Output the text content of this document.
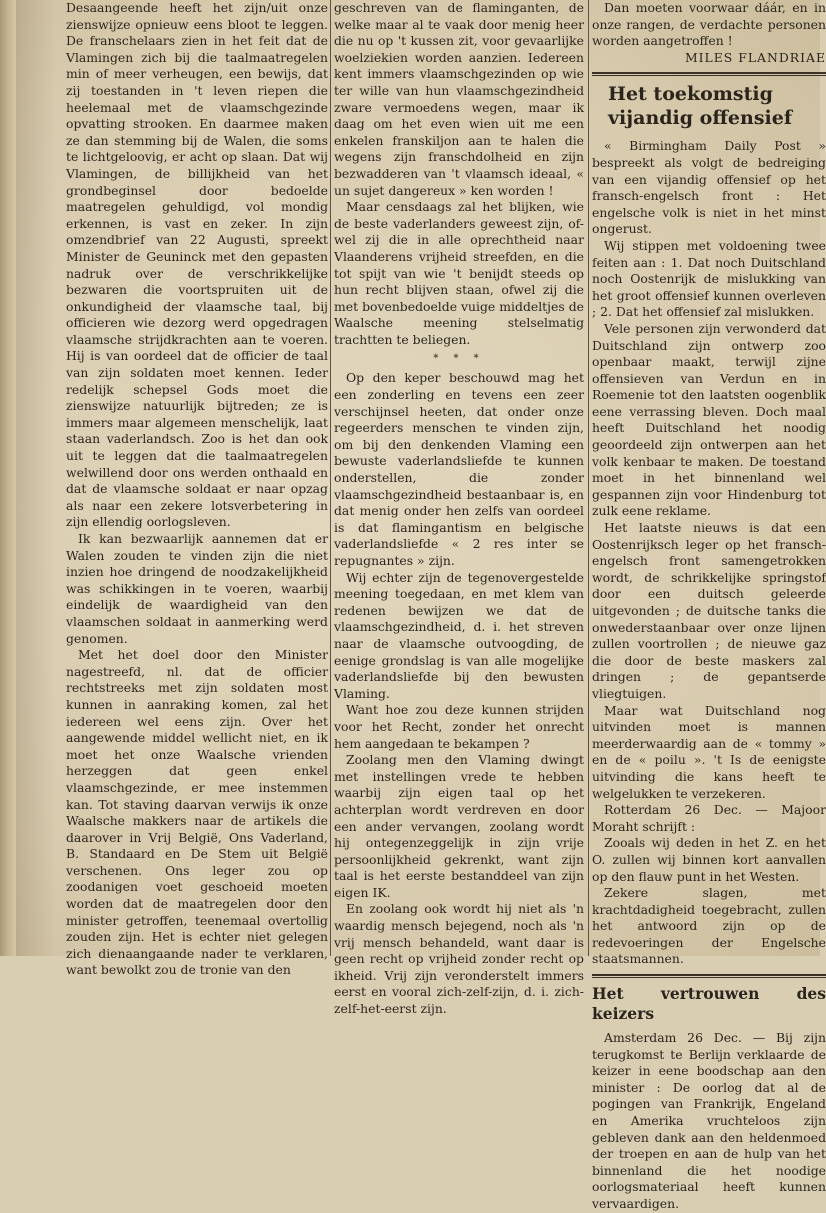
Desaangeende heeft het zijn/uit onze zienswijze opnieuw eens bloot te leggen. De franschelaars zien in het feit dat de Vlamingen zich bij die taalmaatregelen min of meer verheugen, een bewijs, dat zij toestanden in 't leven riepen die heelemaal met de vlaamschgezinde opvatting strooken. En daarmee maken ze dan stemming bij de Walen, die soms te lichtgeloovig, er acht op slaan. Dat wij Vlamingen, de billijkheid van het grondbeginsel door bedoelde maatregelen gehuldigd, vol mondig erkennen, is vast en zeker. In zijn omzendbrief van 22 Augusti, spreekt Minister de Geuninck met den gepasten nadruk over de verschrikkelijke bezwaren die voortspruiten uit de onkundigheid der vlaamsche taal, bij officieren wie dezorg werd opgedragen vlaamsche strijdkrachten aan te voeren. Hij is van oordeel dat de officier de taal van zijn soldaten moet kennen. Ieder redelijk schepsel Gods moet die zienswijze natuurlijk bijtreden; ze is immers maar algemeen menschelijk, laat staan vaderlandsch. Zoo is het dan ook uit te leggen dat die taalmaatregelen welwillend door ons werden onthaald en dat de vlaamsche soldaat er naar opzag als naar een zekere lotsverbetering in zijn ellendig oorlogsleven.

Ik kan bezwaarlijk aannemen dat er Walen zouden te vinden zijn die niet inzien hoe dringend de noodzakelijkheid was schikkingen in te voeren, waarbij eindelijk de waardigheid van den vlaamschen soldaat in aanmerking werd genomen.

Met het doel door den Minister nagestreefd, nl. dat de officier rechtstreeks met zijn soldaten most kunnen in aanraking komen, zal het iedereen wel eens zijn. Over het aangewende middel wellicht niet, en ik moet het onze Waalsche vrienden herzeggen dat geen enkel vlaamschgezinde, er mee instemmen kan. Tot staving daarvan verwijs ik onze Waalsche makkers naar de artikels die daarover in Vrij België, Ons Vaderland, B. Standaard en De Stem uit België verschenen. Ons leger zou op zoodanigen voet geschoeid moeten worden dat de maatregelen door den minister getroffen, teenemaal overtollig zouden zijn. Het is echter niet gelegen zich dienaangaande nader te verklaren, want bewolkt zou de tronie van den

geschreven van de flaminganten, de welke maar al te vaak door menig heer die nu op 't kussen zit, voor gevaarlijke woelziekien worden aanzien. Iedereen kent immers vlaamschgezinden op wie ter wille van hun vlaamschgezindheid zware vermoedens wegen, maar ik daag om het even wien uit me een enkelen franskiljon aan te halen die wegens zijn franschdolheid en zijn bezwadderen van 't vlaamsch ideaal, « un sujet dangereux » ken worden !

Maar censdaags zal het blijken, wie de beste vaderlanders geweest zijn, of-wel zij die in alle oprechtheid naar Vlaanderens vrijheid streefden, en die tot spijt van wie 't benijdt steeds op hun recht blijven staan, ofwel zij die met bovenbedoelde vuige middeltjes de Waalsche meening stelselmatig trachtten te beliegen.

* * *

Op den keper beschouwd mag het een zonderling en tevens een zeer verschijnsel heeten, dat onder onze regeerders menschen te vinden zijn, om bij den denkenden Vlaming een bewuste vaderlandsliefde te kunnen onderstellen, die zonder vlaamschgezindheid bestaanbaar is, en dat menig onder hen zelfs van oordeel is dat flamingantism en belgische vaderlandsliefde « 2 res inter se repugnantes » zijn.

Wij echter zijn de tegenovergestelde meening toegedaan, en met klem van redenen bewijzen we dat de vlaamschgezindheid, d. i. het streven naar de vlaamsche outvoogding, de eenige grondslag is van alle mogelijke vaderlandsliefde bij den bewusten Vlaming.

Want hoe zou deze kunnen strijden voor het Recht, zonder het onrecht hem aangedaan te bekampen ?

Zoolang men den Vlaming dwingt met instellingen vrede te hebben waarbij zijn eigen taal op het achterplan wordt verdreven en door een ander vervangen, zoolang wordt hij ontegenzeggelijk in zijn vrije persoonlijkheid gekrenkt, want zijn taal is het eerste bestanddeel van zijn eigen IK.

En zoolang ook wordt hij niet als 'n waardig mensch bejegend, noch als 'n vrij mensch behandeld, want daar is geen recht op vrijheid zonder recht op ikheid. Vrij zijn veronderstelt immers eerst en vooral zich-zelf-zijn, d. i. zich-zelf-het-eerst zijn.

Dan moeten voorwaar dáár, en in onze rangen, de verdachte personen worden aangetroffen !

MILES FLANDRIAE
Het toekomstig vijandig offensief

« Birmingham Daily Post » bespreekt als volgt de bedreiging van een vijandig offensief op het fransch-engelsch front : Het engelsche volk is niet in het minst ongerust.

Wij stippen met voldoening twee feiten aan : 1. Dat noch Duitschland noch Oostenrijk de mislukking van het groot offensief kunnen overleven ; 2. Dat het offensief zal mislukken.

Vele personen zijn verwonderd dat Duitschland zijn ontwerp zoo openbaar maakt, terwijl zijne offensieven van Verdun en in Roemenie tot den laatsten oogenblik eene verrassing bleven. Doch maal heeft Duitschland het noodig geoordeeld zijn ontwerpen aan het volk kenbaar te maken. De toestand moet in het binnenland wel gespannen zijn voor Hindenburg tot zulk eene reklame.

Het laatste nieuws is dat een Oostenrijksch leger op het fransch-engelsch front samengetrokken wordt, de schrikkelijke springstof door een duitsch geleerde uitgevonden ; de duitsche tanks die onwederstaanbaar over onze lijnen zullen voortrollen ; de nieuwe gaz die door de beste maskers zal dringen ; de gepantserde vliegtuigen.

Maar wat Duitschland nog uitvinden moet is mannen meerderwaardig aan de « tommy » en de « poilu ». 't Is de eenigste uitvinding die kans heeft te welgelukken te verzekeren.

Rotterdam 26 Dec. — Majoor Moraht schrijft :

Zooals wij deden in het Z. en het O. zullen wij binnen kort aanvallen op den flauw punt in het Westen.

Zekere slagen, met krachtdadigheid toegebracht, zullen het antwoord zijn op de redevoeringen der Engelsche staatsmannen.

Het vertrouwen des keizers

Amsterdam 26 Dec. — Bij zijn terugkomst te Berlijn verklaarde de keizer in eene boodschap aan den minister : De oorlog dat al de pogingen van Frankrijk, Engeland en Amerika vruchteloos zijn gebleven dank aan den heldenmoed der troepen en aan de hulp van het binnenland die het noodige oorlogsmateriaal heeft kunnen vervaardigen.
